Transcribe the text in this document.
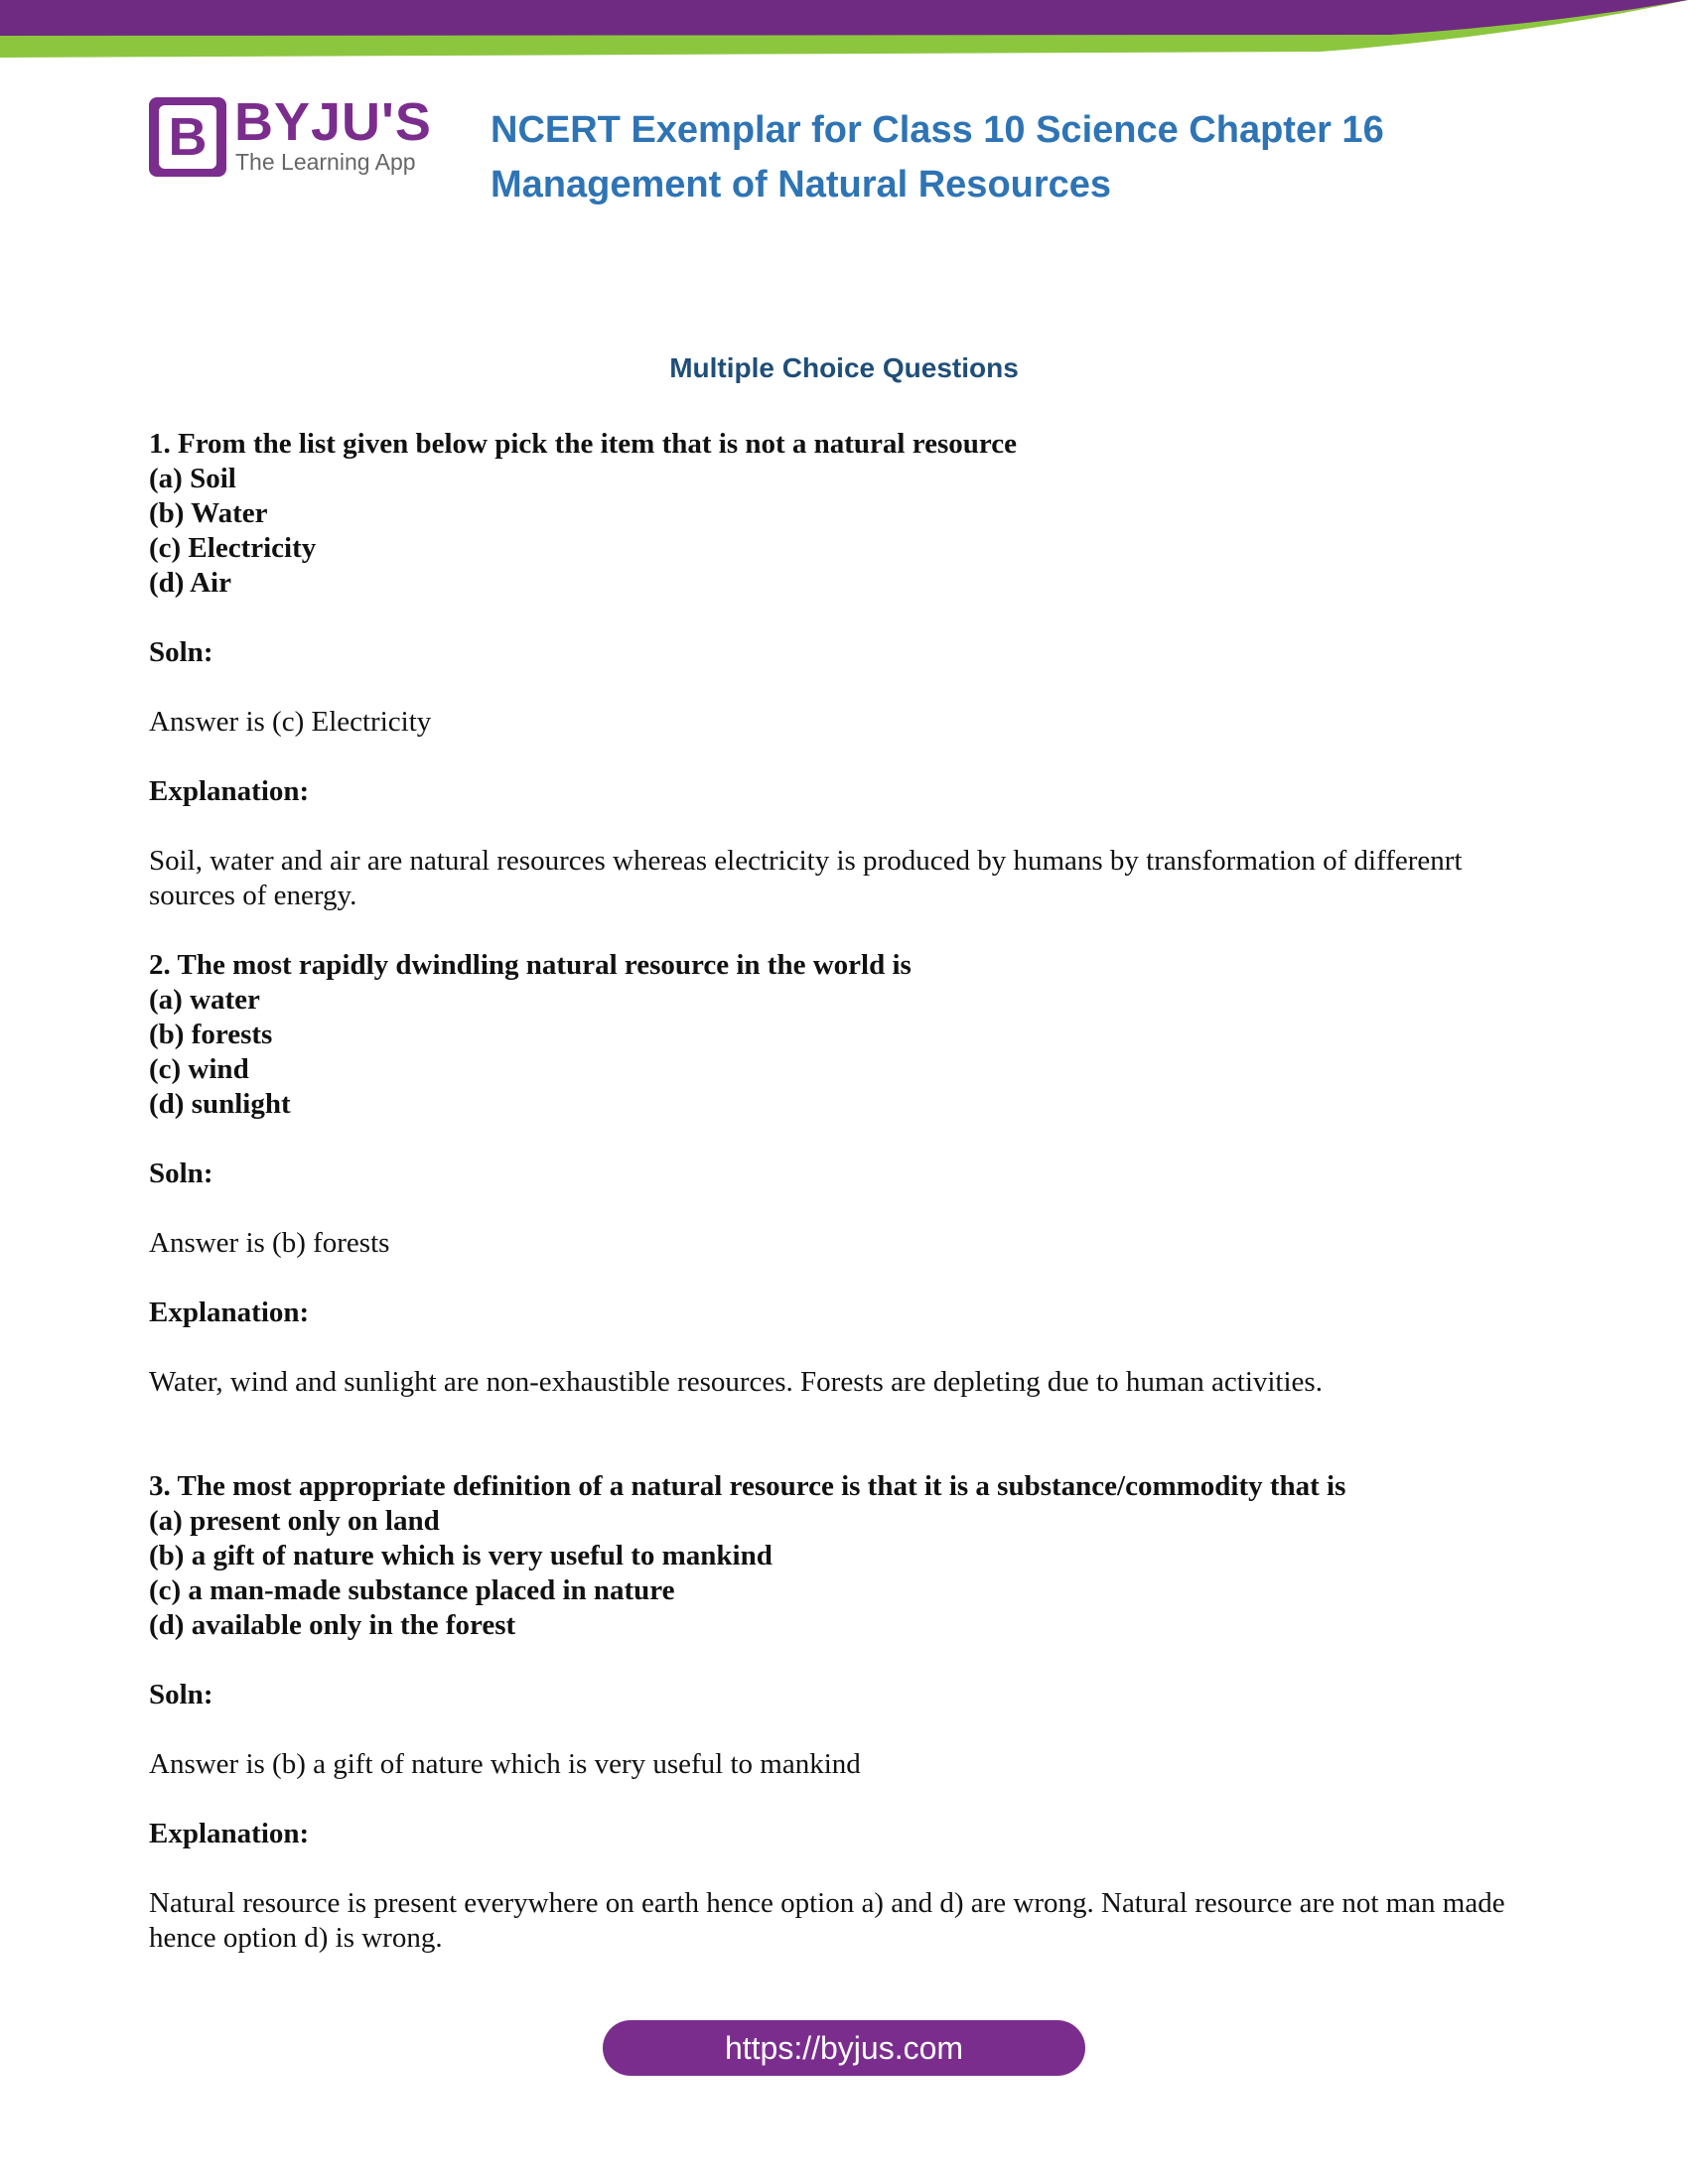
B BYJU'S
The Learning App
NCERT Exemplar for Class 10 Science Chapter 16
Management of Natural Resources
Multiple Choice Questions
1. From the list given below pick the item that is not a natural resource
(a) Soil
(b) Water
(c) Electricity
(d) Air
Soln:
Answer is (c) Electricity
Explanation:
Soil, water and air are natural resources whereas electricity is produced by humans by transformation of differenrt sources of energy.
2. The most rapidly dwindling natural resource in the world is
(a) water
(b) forests
(c) wind
(d) sunlight
Soln:
Answer is (b) forests
Explanation:
Water, wind and sunlight are non-exhaustible resources. Forests are depleting due to human activities.
3. The most appropriate definition of a natural resource is that it is a substance/commodity that is
(a) present only on land
(b) a gift of nature which is very useful to mankind
(c) a man-made substance placed in nature
(d) available only in the forest
Soln:
Answer is (b) a gift of nature which is very useful to mankind
Explanation:
Natural resource is present everywhere on earth hence option a) and d) are wrong. Natural resource are not man made hence option d) is wrong.
https://byjus.com
